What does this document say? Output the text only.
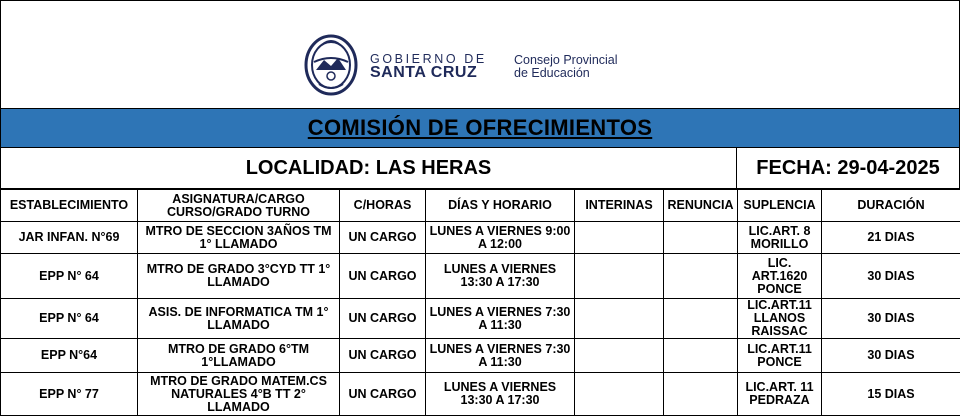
GOBIERNO DE
SANTA CRUZ
Consejo Provincial
de Educación
COMISIÓN DE OFRECIMIENTOS
LOCALIDAD: LAS HERAS	FECHA: 29-04-2025
ESTABLECIMIENTO	ASIGNATURA/CARGO CURSO/GRADO TURNO	C/HORAS	DÍAS Y HORARIO	INTERINAS	RENUNCIA	SUPLENCIA	DURACIÓN
JAR INFAN. N°69	MTRO DE SECCION 3AÑOS TM 1° LLAMADO	UN CARGO	LUNES A VIERNES 9:00 A 12:00			LIC.ART. 8 MORILLO	21 DIAS
EPP N° 64	MTRO DE GRADO 3°CYD TT 1° LLAMADO	UN CARGO	LUNES A VIERNES 13:30 A 17:30			LIC. ART.1620 PONCE	30 DIAS
EPP N° 64	ASIS. DE INFORMATICA TM 1° LLAMADO	UN CARGO	LUNES A VIERNES 7:30 A 11:30			LIC.ART.11 LLANOS RAISSAC	30 DIAS
EPP N°64	MTRO DE GRADO 6°TM 1°LLAMADO	UN CARGO	LUNES A VIERNES 7:30 A 11:30			LIC.ART.11 PONCE	30 DIAS
EPP N° 77	MTRO DE GRADO MATEM.CS NATURALES 4°B TT 2° LLAMADO	UN CARGO	LUNES A VIERNES 13:30 A 17:30			LIC.ART. 11 PEDRAZA	15 DIAS
